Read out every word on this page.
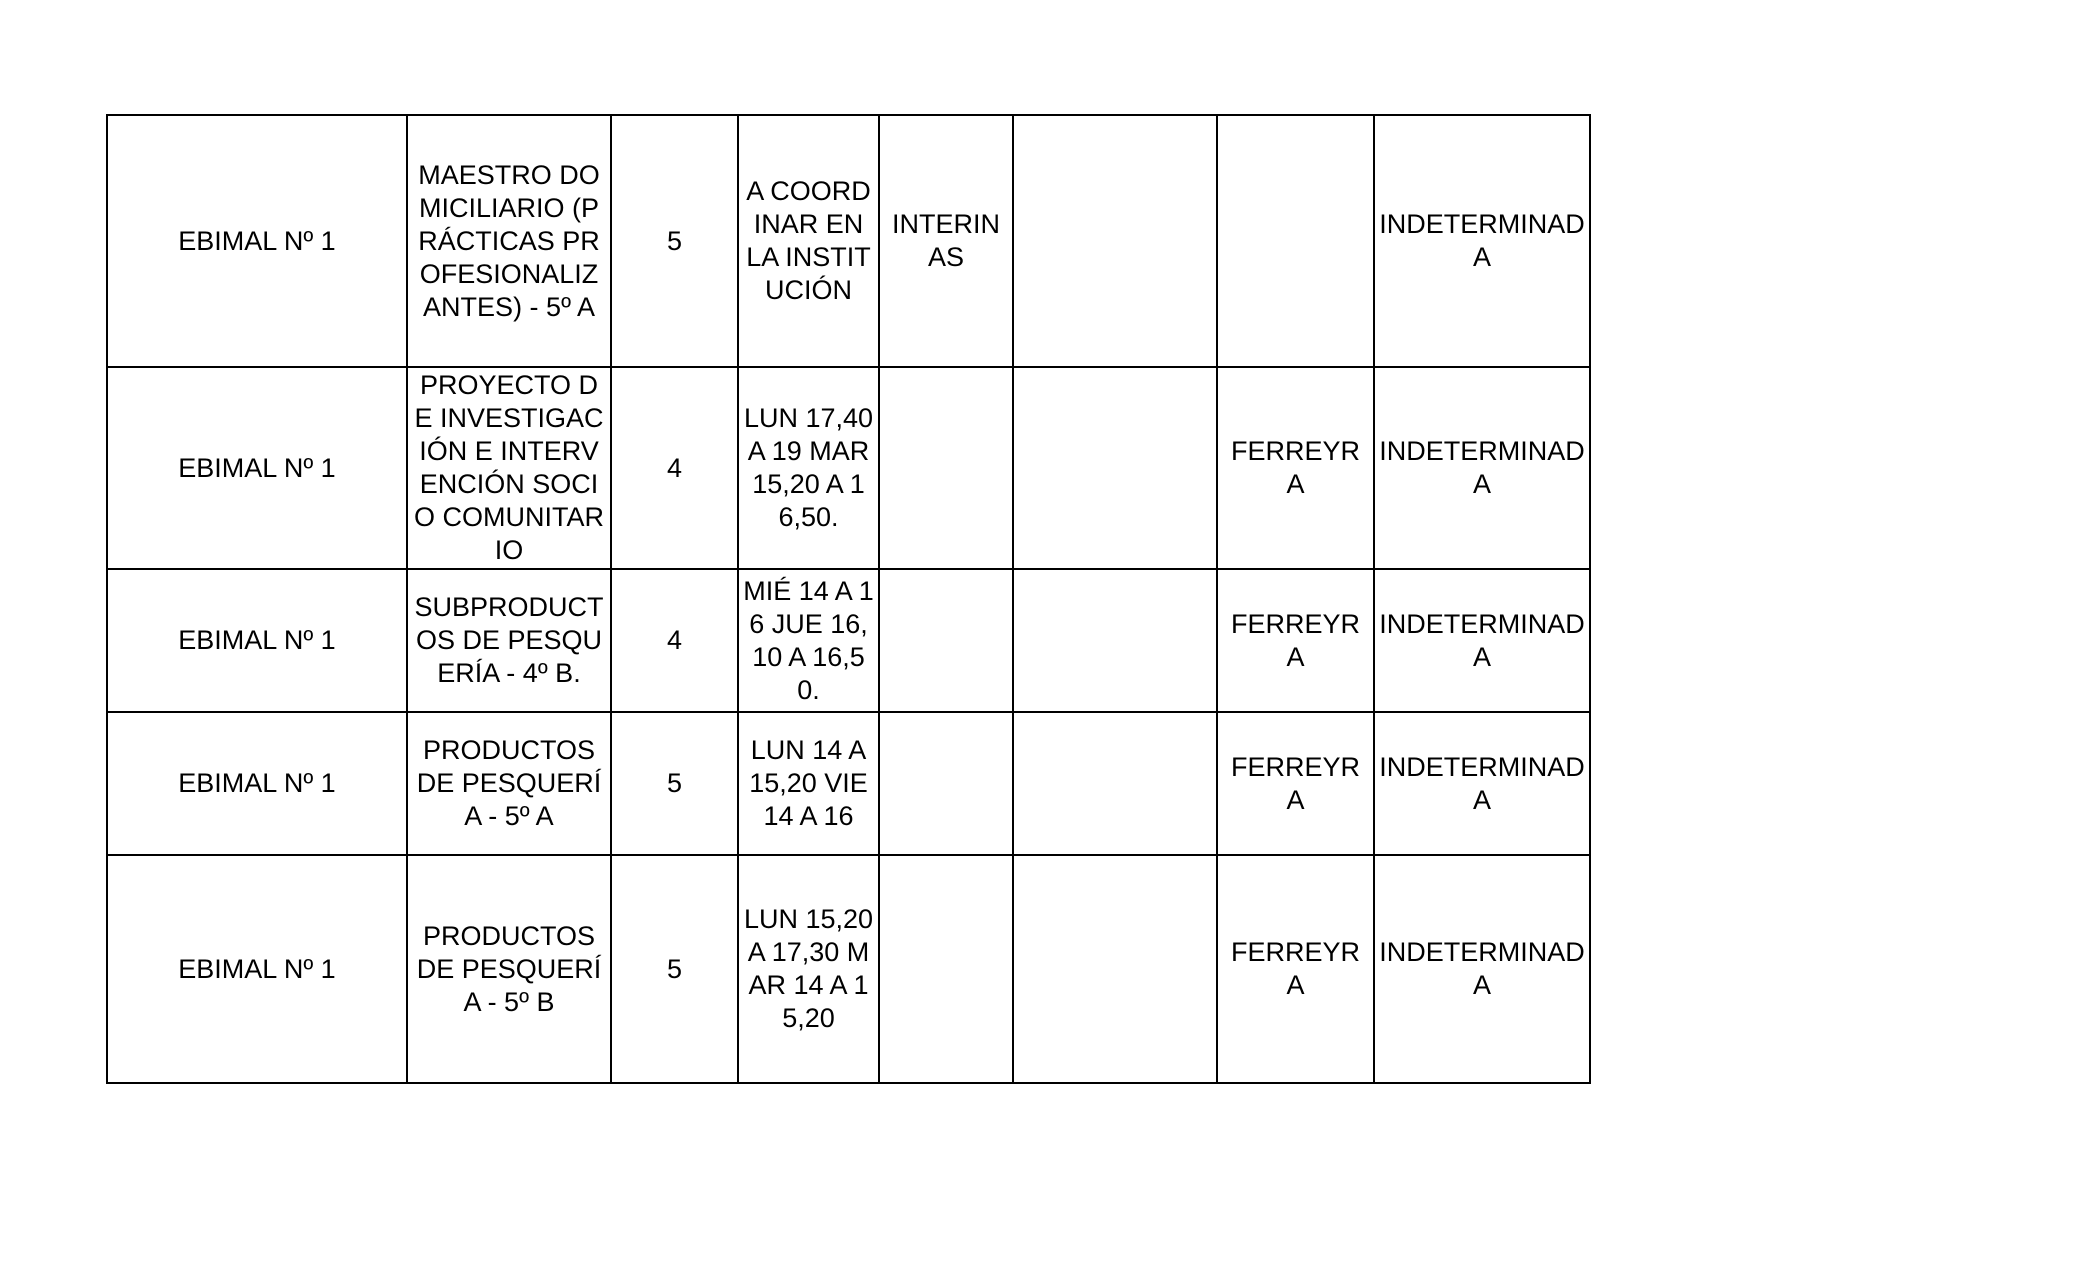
EBIMAL Nº 1	MAESTRO DOMICILIARIO (PRÁCTICAS PROFESIONALIZANTES) - 5º A	5	A COORDINAR EN LA INSTITUCIÓN	INTERINAS			INDETERMINADA
EBIMAL Nº 1	PROYECTO DE INVESTIGACIÓN E INTERVENCIÓN SOCIO COMUNITARIO	4	LUN 17,40 A 19 MAR 15,20 A 16,50.			FERREYRA	INDETERMINADA
EBIMAL Nº 1	SUBPRODUCTOS DE PESQUERÍA - 4º B.	4	MIÉ 14 A 16 JUE 16,10 A 16,50.			FERREYRA	INDETERMINADA
EBIMAL Nº 1	PRODUCTOS DE PESQUERÍA - 5º A	5	LUN 14 A 15,20 VIE 14 A 16			FERREYRA	INDETERMINADA
EBIMAL Nº 1	PRODUCTOS DE PESQUERÍA - 5º B	5	LUN 15,20 A 17,30 MAR 14 A 15,20			FERREYRA	INDETERMINADA
